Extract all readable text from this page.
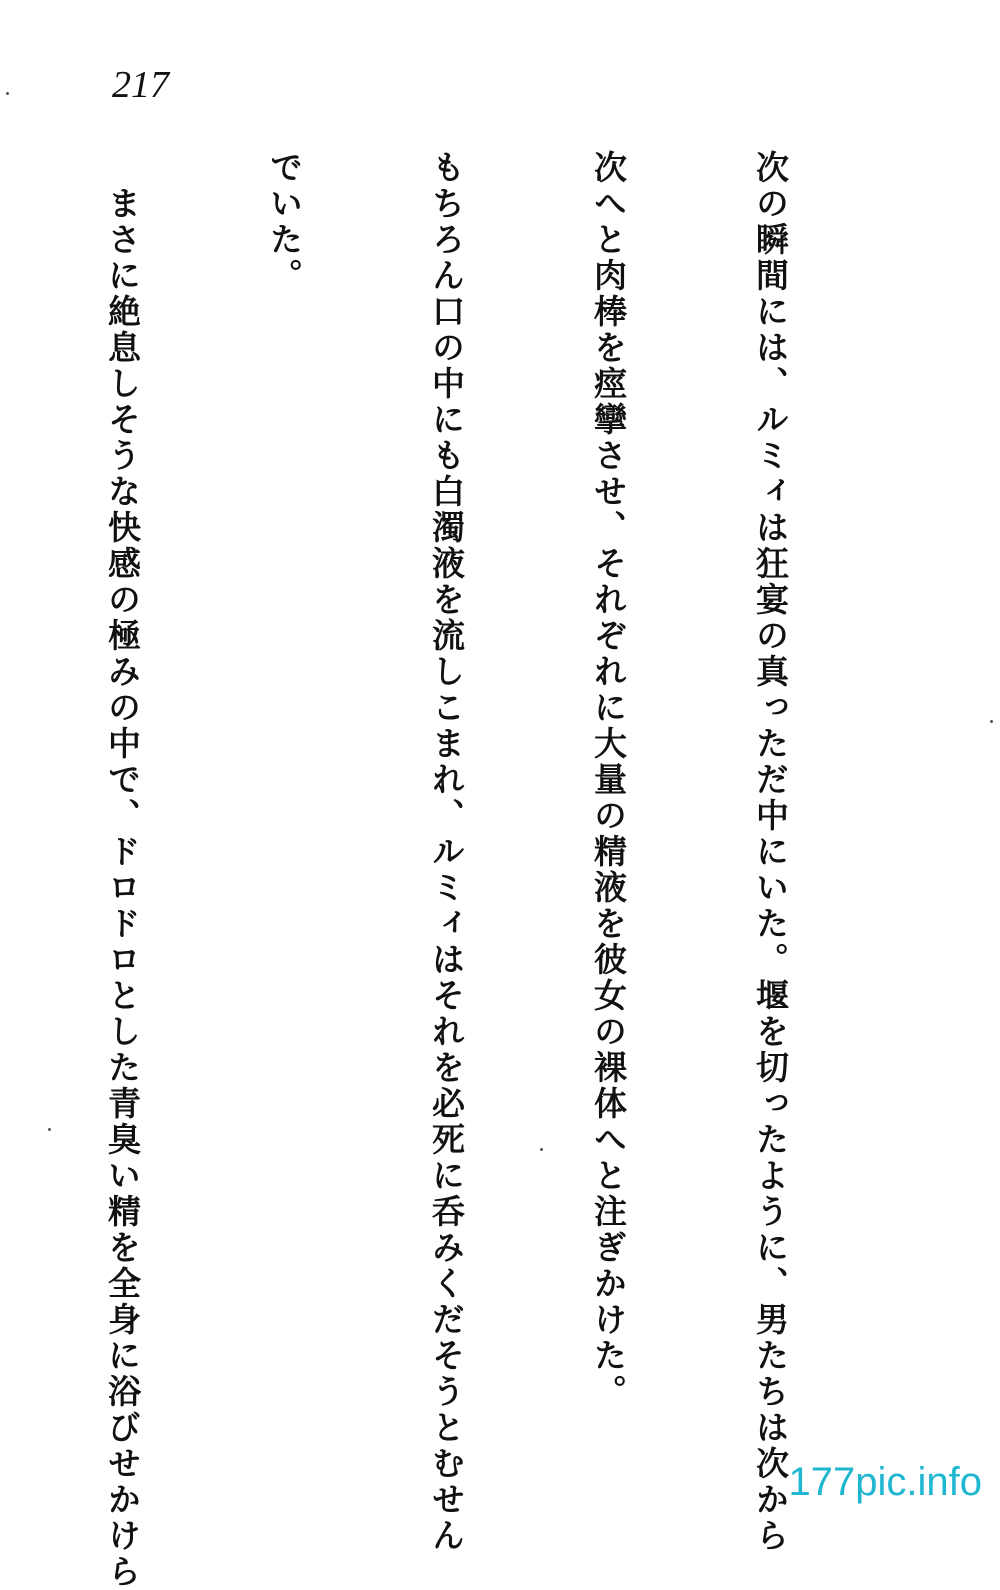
217

次の瞬間には、ルミィは狂宴の真っただ中にいた。堰を切ったように、男たちは次から

次へと肉棒を痙攣させ、それぞれに大量の精液を彼女の裸体へと注ぎかけた。

もちろん口の中にも白濁液を流しこまれ、ルミィはそれを必死に呑みくだそうとむせん

でいた。

　まさに絶息しそうな快感の極みの中で、ドロドロとした青臭い精を全身に浴びせかけら

	177pic.info
